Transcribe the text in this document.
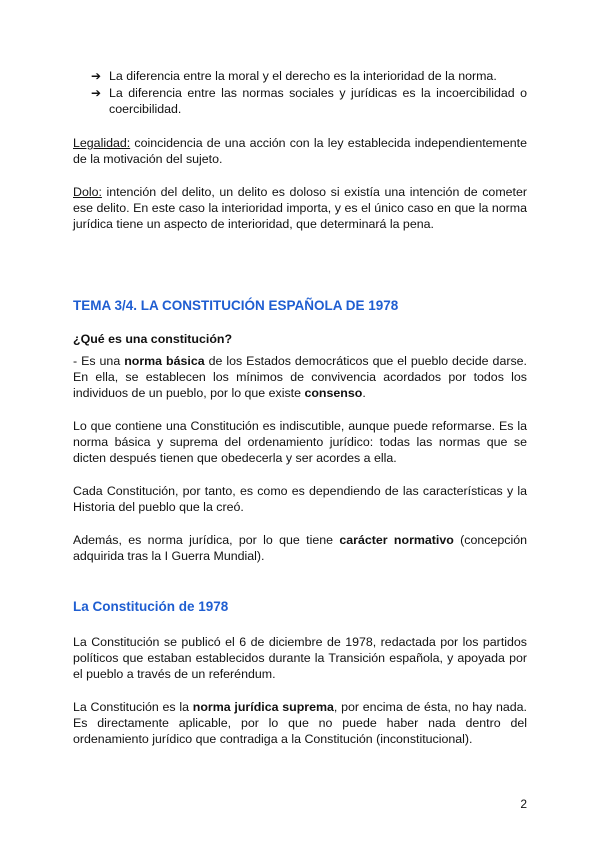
➔ La diferencia entre la moral y el derecho es la interioridad de la norma.
➔ La diferencia entre las normas sociales y jurídicas es la incoercibilidad o coercibilidad.

Legalidad: coincidencia de una acción con la ley establecida independientemente de la motivación del sujeto.

Dolo: intención del delito, un delito es doloso si existía una intención de cometer ese delito. En este caso la interioridad importa, y es el único caso en que la norma jurídica tiene un aspecto de interioridad, que determinará la pena.

TEMA 3/4. LA CONSTITUCIÓN ESPAÑOLA DE 1978
¿Qué es una constitución?

- Es una norma básica de los Estados democráticos que el pueblo decide darse. En ella, se establecen los mínimos de convivencia acordados por todos los individuos de un pueblo, por lo que existe consenso.

Lo que contiene una Constitución es indiscutible, aunque puede reformarse. Es la norma básica y suprema del ordenamiento jurídico: todas las normas que se dicten después tienen que obedecerla y ser acordes a ella.

Cada Constitución, por tanto, es como es dependiendo de las características y la Historia del pueblo que la creó.

Además, es norma jurídica, por lo que tiene carácter normativo (concepción adquirida tras la I Guerra Mundial).

La Constitución de 1978

La Constitución se publicó el 6 de diciembre de 1978, redactada por los partidos políticos que estaban establecidos durante la Transición española, y apoyada por el pueblo a través de un referéndum.

La Constitución es la norma jurídica suprema, por encima de ésta, no hay nada. Es directamente aplicable, por lo que no puede haber nada dentro del ordenamiento jurídico que contradiga a la Constitución (inconstitucional).

2
